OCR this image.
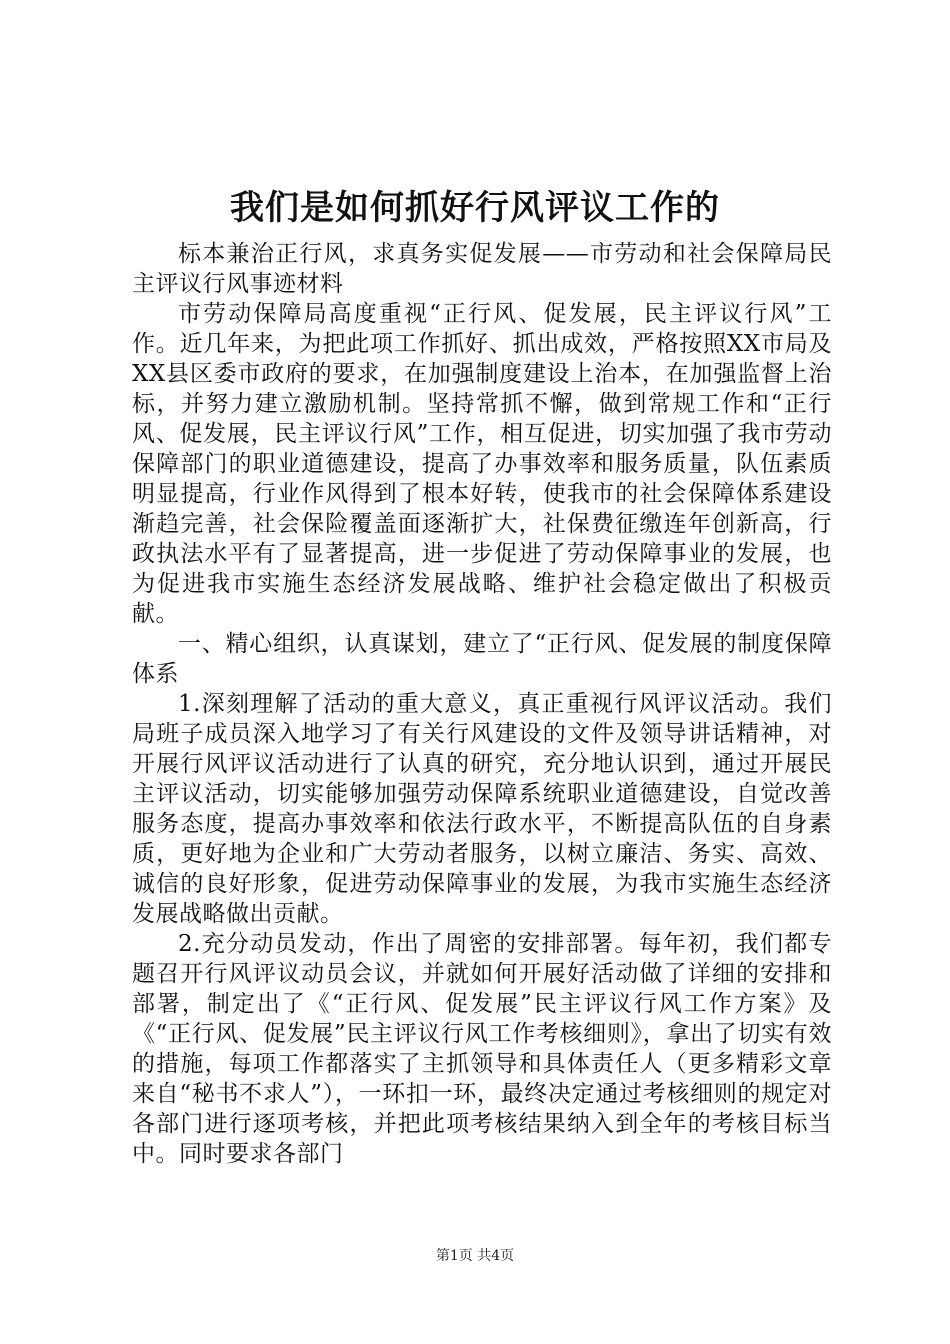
我们是如何抓好行风评议工作的

标本兼治正行风，求真务实促发展——市劳动和社会保障局民主评议行风事迹材料

市劳动保障局高度重视“正行风、促发展，民主评议行风”工作。近几年来，为把此项工作抓好、抓出成效，严格按照XX市局及XX县区委市政府的要求，在加强制度建设上治本，在加强监督上治标，并努力建立激励机制。坚持常抓不懈，做到常规工作和“正行风、促发展，民主评议行风”工作，相互促进，切实加强了我市劳动保障部门的职业道德建设，提高了办事效率和服务质量，队伍素质明显提高，行业作风得到了根本好转，使我市的社会保障体系建设渐趋完善，社会保险覆盖面逐渐扩大，社保费征缴连年创新高，行政执法水平有了显著提高，进一步促进了劳动保障事业的发展，也为促进我市实施生态经济发展战略、维护社会稳定做出了积极贡献。

一、精心组织，认真谋划，建立了“正行风、促发展的制度保障体系

1.深刻理解了活动的重大意义，真正重视行风评议活动。我们局班子成员深入地学习了有关行风建设的文件及领导讲话精神，对开展行风评议活动进行了认真的研究，充分地认识到，通过开展民主评议活动，切实能够加强劳动保障系统职业道德建设，自觉改善服务态度，提高办事效率和依法行政水平，不断提高队伍的自身素质，更好地为企业和广大劳动者服务，以树立廉洁、务实、高效、诚信的良好形象，促进劳动保障事业的发展，为我市实施生态经济发展战略做出贡献。

2.充分动员发动，作出了周密的安排部署。每年初，我们都专题召开行风评议动员会议，并就如何开展好活动做了详细的安排和部署，制定出了《“正行风、促发展”民主评议行风工作方案》及《“正行风、促发展”民主评议行风工作考核细则》，拿出了切实有效的措施，每项工作都落实了主抓领导和具体责任人（更多精彩文章来自“秘书不求人”），一环扣一环，最终决定通过考核细则的规定对各部门进行逐项考核，并把此项考核结果纳入到全年的考核目标当中。同时要求各部门

第1页 共4页
